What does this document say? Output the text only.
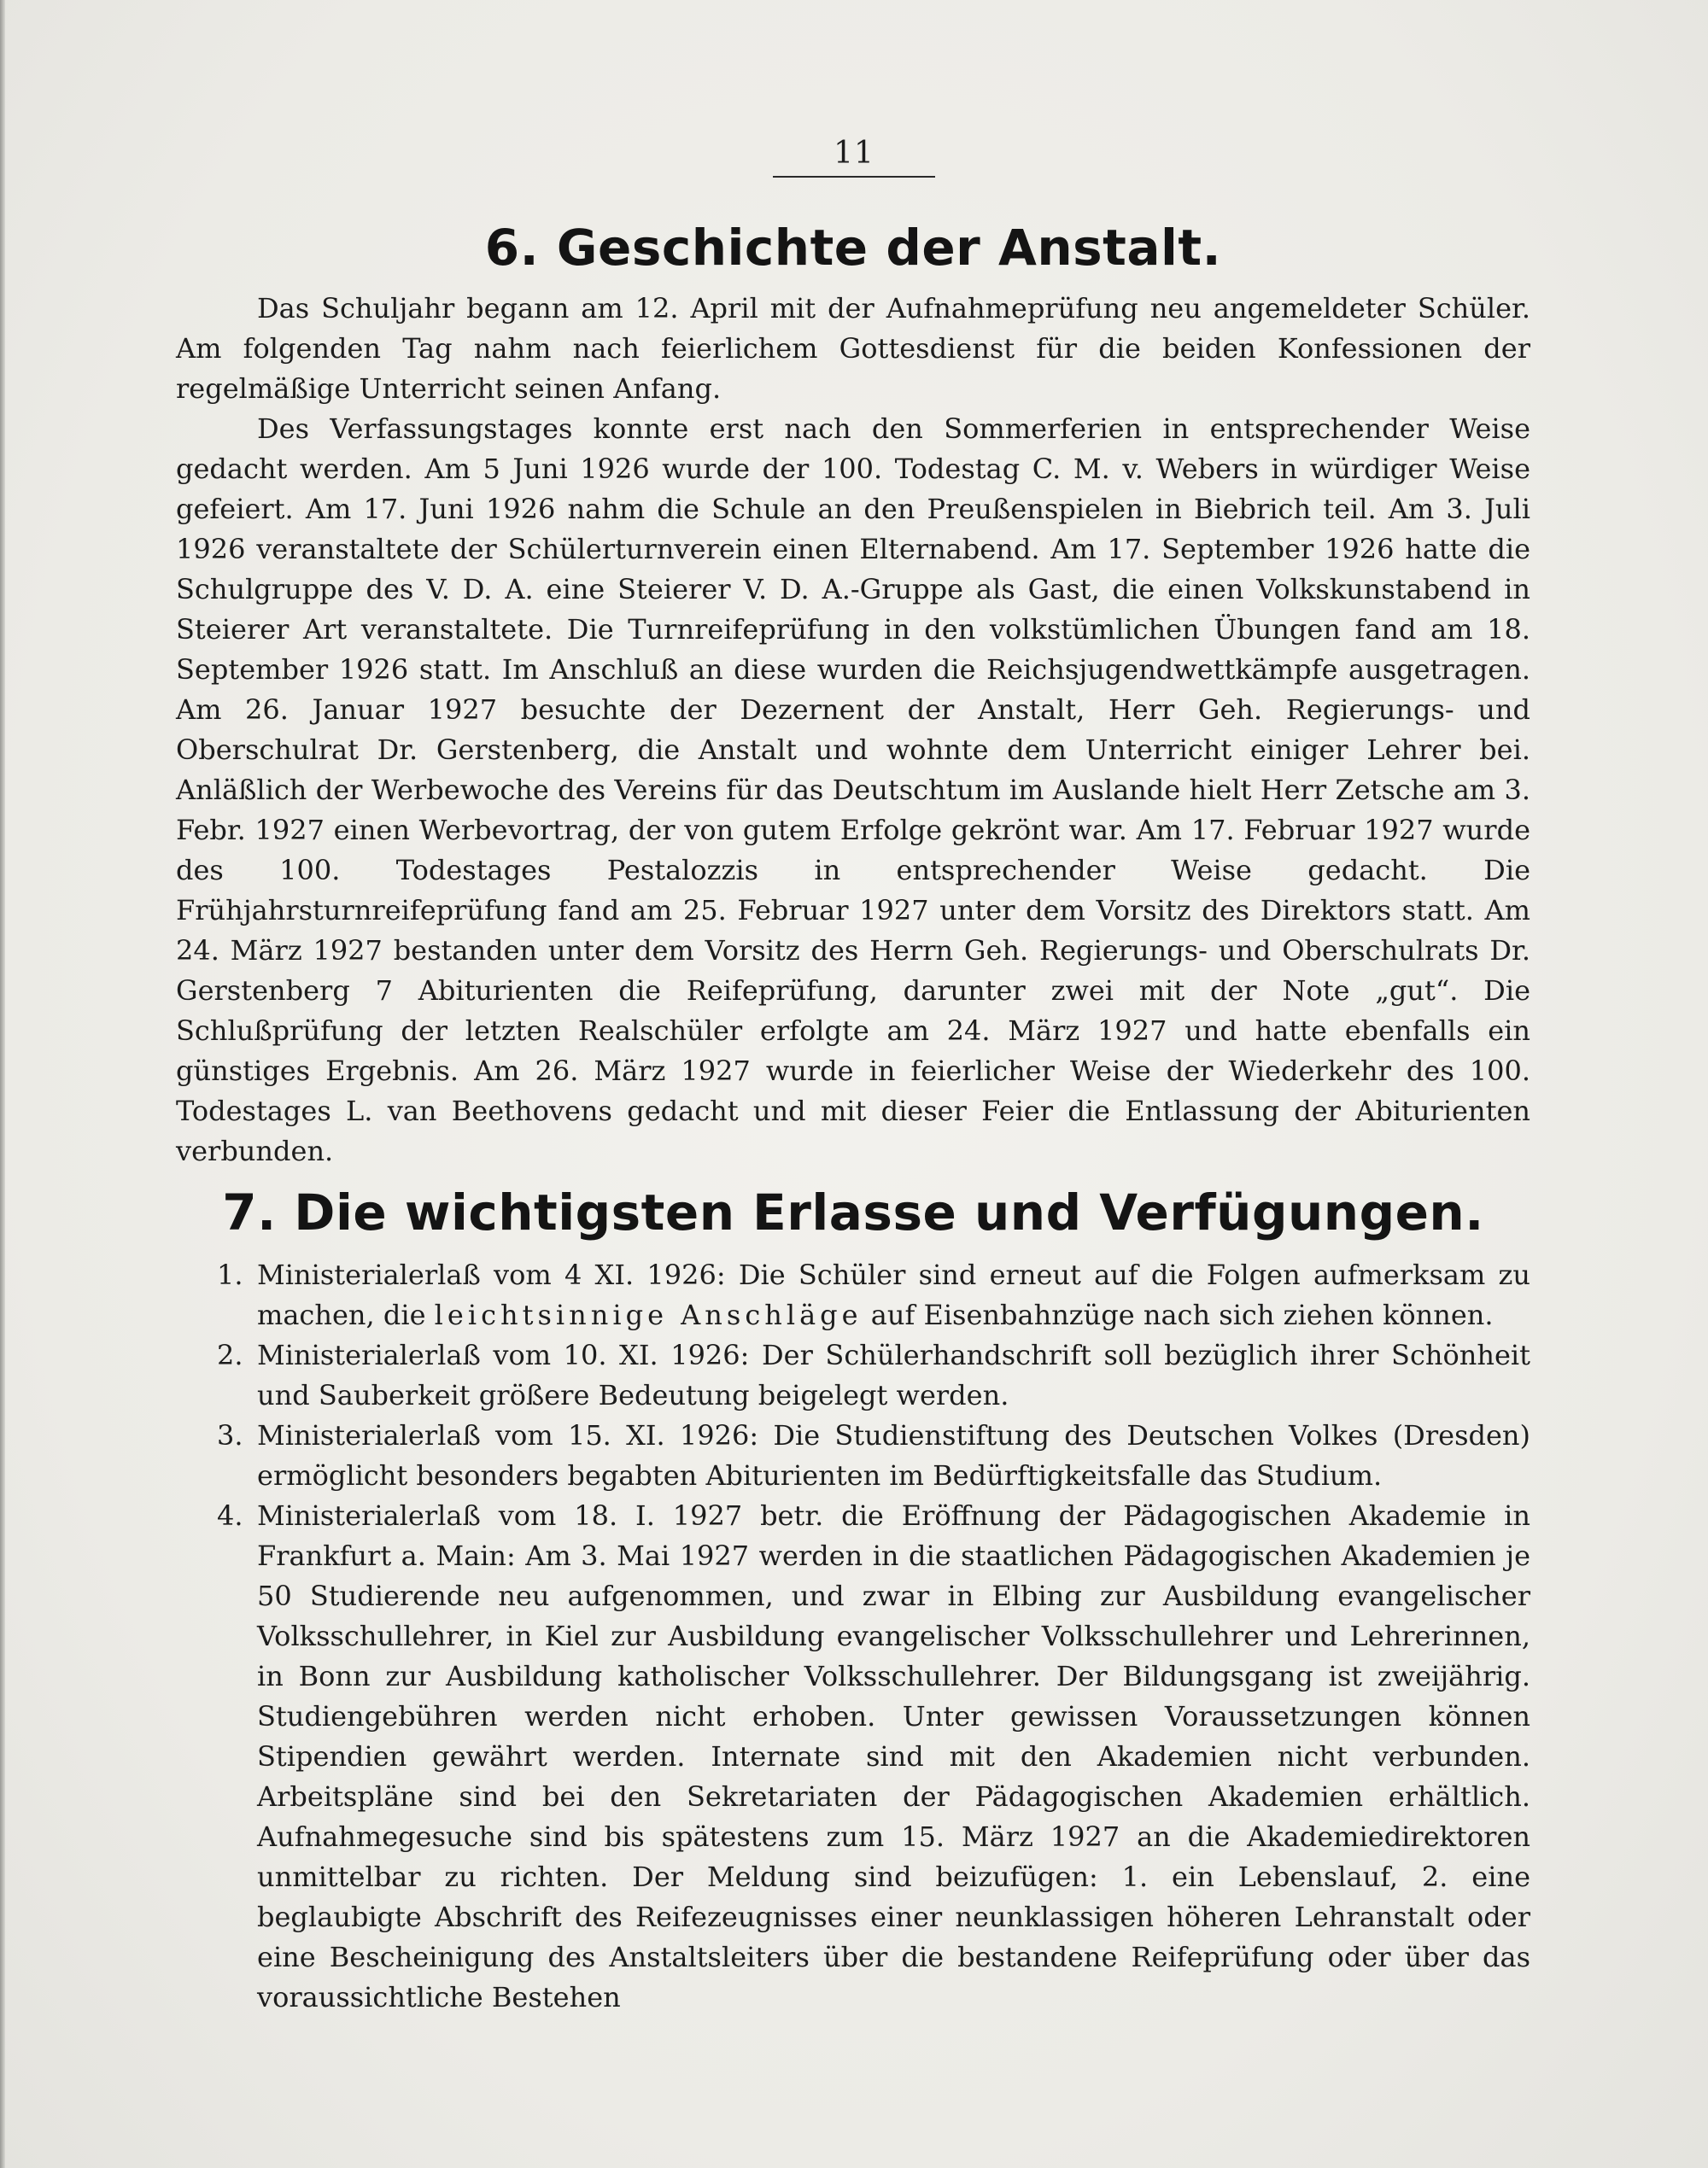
11
6. Geschichte der Anstalt.

Das Schuljahr begann am 12. April mit der Aufnahmeprüfung neu angemeldeter Schüler. Am folgenden Tag nahm nach feierlichem Gottesdienst für die beiden Konfessionen der regelmäßige Unterricht seinen Anfang.

Des Verfassungstages konnte erst nach den Sommerferien in entsprechender Weise gedacht werden. Am 5 Juni 1926 wurde der 100. Todestag C. M. v. Webers in würdiger Weise gefeiert. Am 17. Juni 1926 nahm die Schule an den Preußenspielen in Biebrich teil. Am 3. Juli 1926 veranstaltete der Schülerturnverein einen Elternabend. Am 17. September 1926 hatte die Schulgruppe des V. D. A. eine Steierer V. D. A.-Gruppe als Gast, die einen Volkskunstabend in Steierer Art veranstaltete. Die Turnreifeprüfung in den volkstümlichen Übungen fand am 18. September 1926 statt. Im Anschluß an diese wurden die Reichsjugendwettkämpfe ausgetragen. Am 26. Januar 1927 besuchte der Dezernent der Anstalt, Herr Geh. Regierungs- und Oberschulrat Dr. Gerstenberg, die Anstalt und wohnte dem Unterricht einiger Lehrer bei. Anläßlich der Werbewoche des Vereins für das Deutschtum im Auslande hielt Herr Zetsche am 3. Febr. 1927 einen Werbevortrag, der von gutem Erfolge gekrönt war. Am 17. Februar 1927 wurde des 100. Todestages Pestalozzis in entsprechender Weise gedacht. Die Frühjahrsturnreifeprüfung fand am 25. Februar 1927 unter dem Vorsitz des Direktors statt. Am 24. März 1927 bestanden unter dem Vorsitz des Herrn Geh. Regierungs- und Oberschulrats Dr. Gerstenberg 7 Abiturienten die Reifeprüfung, darunter zwei mit der Note „gut“. Die Schlußprüfung der letzten Realschüler erfolgte am 24. März 1927 und hatte ebenfalls ein günstiges Ergebnis. Am 26. März 1927 wurde in feierlicher Weise der Wiederkehr des 100. Todestages L. van Beethovens gedacht und mit dieser Feier die Entlassung der Abiturienten verbunden.

7. Die wichtigsten Erlasse und Verfügungen.
1. Ministerialerlaß vom 4 XI. 1926: Die Schüler sind erneut auf die Folgen aufmerksam zu machen, die leichtsinnige Anschläge auf Eisenbahnzüge nach sich ziehen können.
2. Ministerialerlaß vom 10. XI. 1926: Der Schülerhandschrift soll bezüglich ihrer Schönheit und Sauberkeit größere Bedeutung beigelegt werden.
3. Ministerialerlaß vom 15. XI. 1926: Die Studienstiftung des Deutschen Volkes (Dresden) ermöglicht besonders begabten Abiturienten im Bedürftigkeitsfalle das Studium.
4. Ministerialerlaß vom 18. I. 1927 betr. die Eröffnung der Pädagogischen Akademie in Frankfurt a. Main: Am 3. Mai 1927 werden in die staatlichen Pädagogischen Akademien je 50 Studierende neu aufgenommen, und zwar in Elbing zur Ausbildung evangelischer Volksschullehrer, in Kiel zur Ausbildung evangelischer Volksschullehrer und Lehrerinnen, in Bonn zur Ausbildung katholischer Volksschullehrer. Der Bildungsgang ist zweijährig. Studiengebühren werden nicht erhoben. Unter gewissen Voraussetzungen können Stipendien gewährt werden. Internate sind mit den Akademien nicht verbunden. Arbeitspläne sind bei den Sekretariaten der Pädagogischen Akademien erhältlich. Aufnahmegesuche sind bis spätestens zum 15. März 1927 an die Akademiedirektoren unmittelbar zu richten. Der Meldung sind beizufügen: 1. ein Lebenslauf, 2. eine beglaubigte Abschrift des Reifezeugnisses einer neunklassigen höheren Lehranstalt oder eine Bescheinigung des Anstaltsleiters über die bestandene Reifeprüfung oder über das voraussichtliche Bestehen
